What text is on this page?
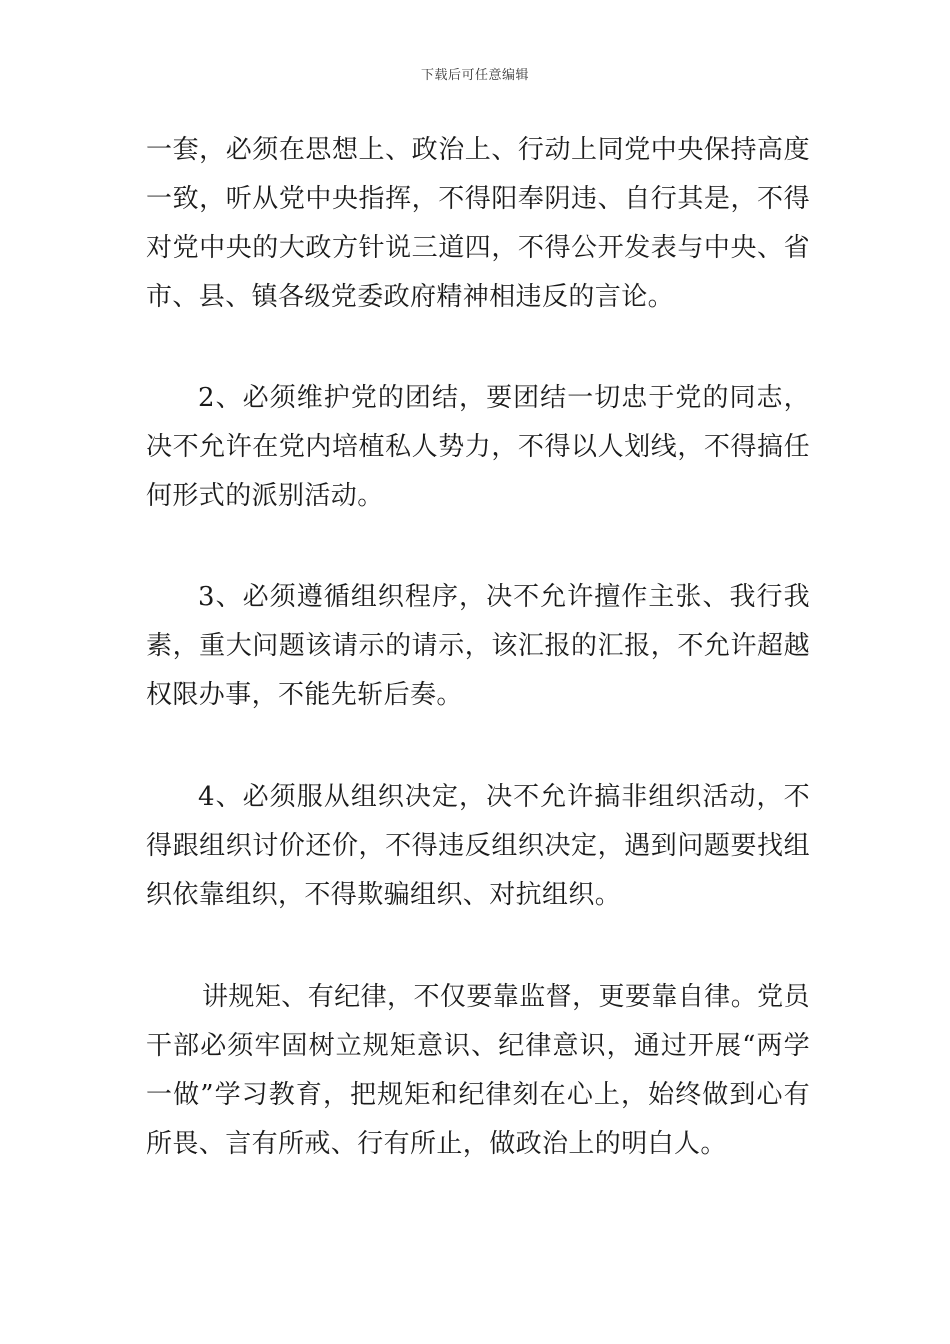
下载后可任意编辑

一套，必须在思想上、政治上、行动上同党中央保持高度一致，听从党中央指挥，不得阳奉阴违、自行其是，不得对党中央的大政方针说三道四，不得公开发表与中央、省市、县、镇各级党委政府精神相违反的言论。

2、必须维护党的团结，要团结一切忠于党的同志，决不允许在党内培植私人势力，不得以人划线，不得搞任何形式的派别活动。

3、必须遵循组织程序，决不允许擅作主张、我行我素，重大问题该请示的请示，该汇报的汇报，不允许超越权限办事，不能先斩后奏。

4、必须服从组织决定，决不允许搞非组织活动，不得跟组织讨价还价，不得违反组织决定，遇到问题要找组织依靠组织，不得欺骗组织、对抗组织。

讲规矩、有纪律，不仅要靠监督，更要靠自律。党员干部必须牢固树立规矩意识、纪律意识，通过开展“两学一做”学习教育，把规矩和纪律刻在心上，始终做到心有所畏、言有所戒、行有所止，做政治上的明白人。
